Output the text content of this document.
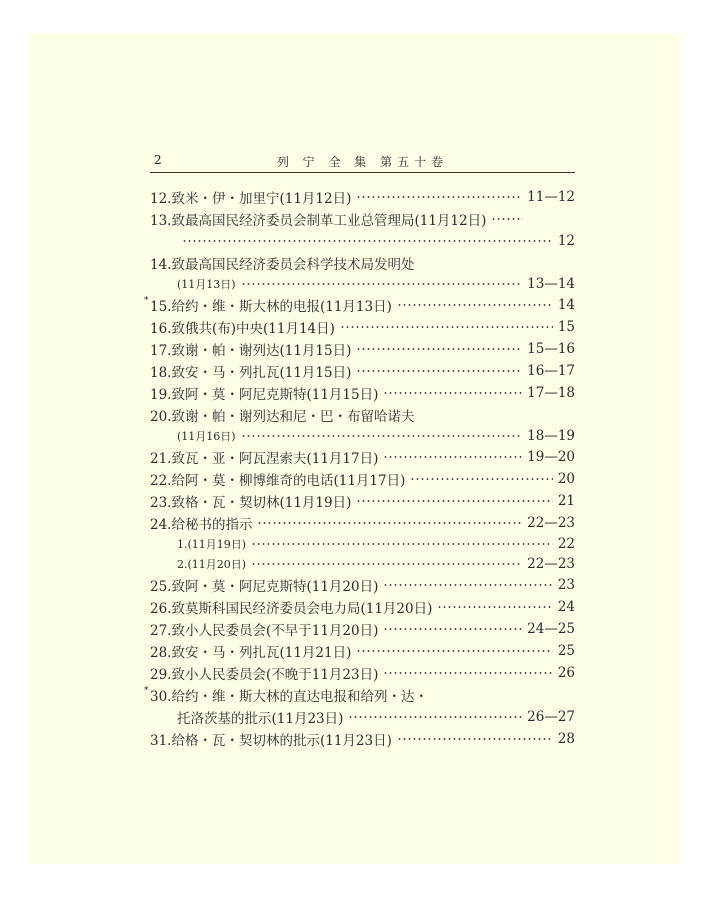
2	列 宁 全 集 第五十卷
12.致米・伊・加里宁(11月12日)	11—12
13.致最高国民经济委员会制革工业总管理局(11月12日)
12
14.致最高国民经济委员会科学技术局发明处
(11月13日)	13—14
* 15.给约・维・斯大林的电报(11月13日)	14
16.致俄共(布)中央(11月14日)	15
17.致谢・帕・谢列达(11月15日)	15—16
18.致安・马・列扎瓦(11月15日)	16—17
19.致阿・莫・阿尼克斯特(11月15日)	17—18
20.致谢・帕・谢列达和尼・巴・布留哈诺夫
(11月16日)	18—19
21.致瓦・亚・阿瓦涅索夫(11月17日)	19—20
22.给阿・莫・柳博维奇的电话(11月17日)	20
23.致格・瓦・契切林(11月19日)	21
24.给秘书的指示	22—23
1.(11月19日)	22
2.(11月20日)	22—23
25.致阿・莫・阿尼克斯特(11月20日)	23
26.致莫斯科国民经济委员会电力局(11月20日)	24
27.致小人民委员会(不早于11月20日)	24—25
28.致安・马・列扎瓦(11月21日)	25
29.致小人民委员会(不晚于11月23日)	26
* 30.给约・维・斯大林的直达电报和给列・达・
托洛茨基的批示(11月23日)	26—27
31.给格・瓦・契切林的批示(11月23日)	28
